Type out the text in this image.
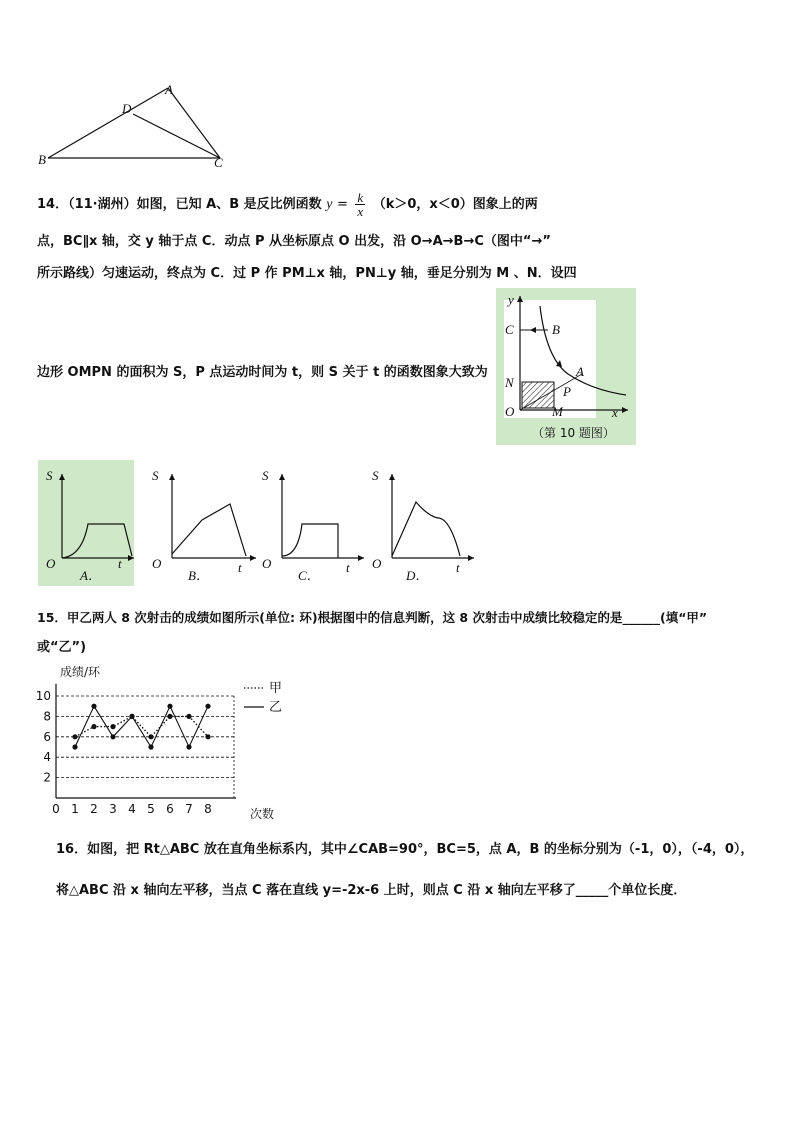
A
D
B	C
14．（11·湖州）如图，已知 A、B 是反比例函数 $y = \frac{k}{x} (k>0$，x＜0）图象上的两
点，BC∥x 轴，交 y 轴于点 C．动点 P 从坐标原点 O 出发，沿 O→A→B→C（图中“→”
所示路线）匀速运动，终点为 C．过 P 作 PM⊥x 轴，PN⊥y 轴，垂足分别为 M 、N．设四
边形 OMPN 的面积为 S，P 点运动时间为 t，则 S 关于 t 的函数图象大致为
y
C	B
A
N
P
O	M	x
（第 10 题图）
S
O	t
A．
S
O	t
B．
S
O	t
C．
S
O	t
D．
15．甲乙两人 8 次射击的成绩如图所示(单位: 环)根据图中的信息判断，这 8 次射击中成绩比较稳定的是______(填“甲”
或“乙”)
2
4
6
8
10
0 1 2 3 4 5 6 7 8
成绩/环
次数
甲
乙
16．如图，把 Rt△ABC 放在直角坐标系内，其中∠CAB=90°，BC=5，点 A，B 的坐标分别为（-1，0），（-4，0），
将△ABC 沿 x 轴向左平移，当点 C 落在直线 y=-2x-6 上时，则点 C 沿 x 轴向左平移了_____个单位长度．
